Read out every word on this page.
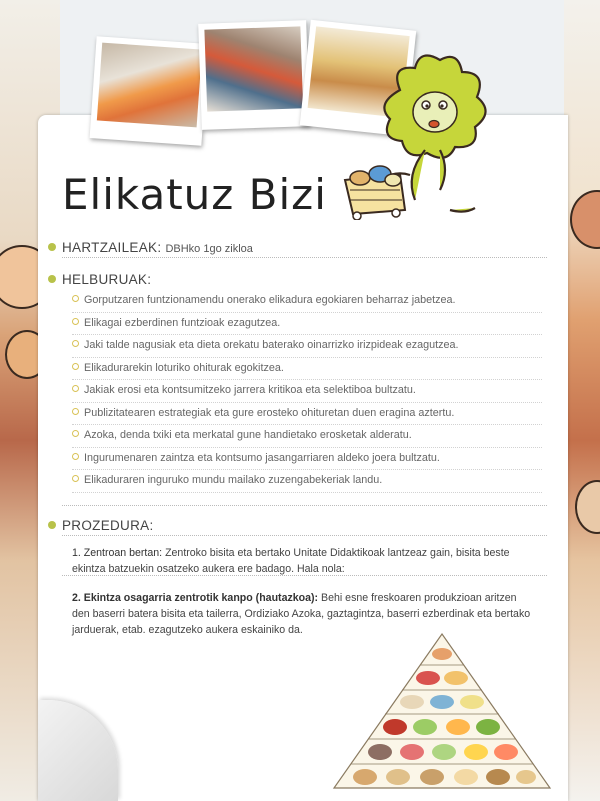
Elikatuz Bizi
HARTZAILEAK: DBHko 1go zikloa
HELBURUAK:
Gorputzaren funtzionamendu onerako elikadura egokiaren beharraz jabetzea.
Elikagai ezberdinen funtzioak ezagutzea.
Jaki talde nagusiak eta dieta orekatu baterako oinarrizko irizpideak ezagutzea.
Elikadurarekin loturiko ohiturak egokitzea.
Jakiak erosi eta kontsumitzeko jarrera kritikoa eta selektiboa bultzatu.
Publizitatearen estrategiak eta gure erosteko ohituretan duen eragina aztertu.
Azoka, denda txiki eta merkatal gune handietako erosketak alderatu.
Ingurumenaren zaintza eta kontsumo jasangarriaren aldeko joera bultzatu.
Elikaduraren inguruko mundu mailako zuzengabekeriak landu.
PROZEDURA:
1. Zentroan bertan: Zentroko bisita eta bertako Unitate Didaktikoak lantzeaz gain, bisita beste ekintza batzuekin osatzeko aukera ere badago. Hala nola:
2. Ekintza osagarria zentrotik kanpo (hautazkoa): Behi esne freskoaren produkzioan aritzen den baserri batera bisita eta tailerra, Ordiziako Azoka, gaztagintza, baserri ezberdinak eta bertako jarduerak, etab. ezagutzeko aukera eskainiko da.
